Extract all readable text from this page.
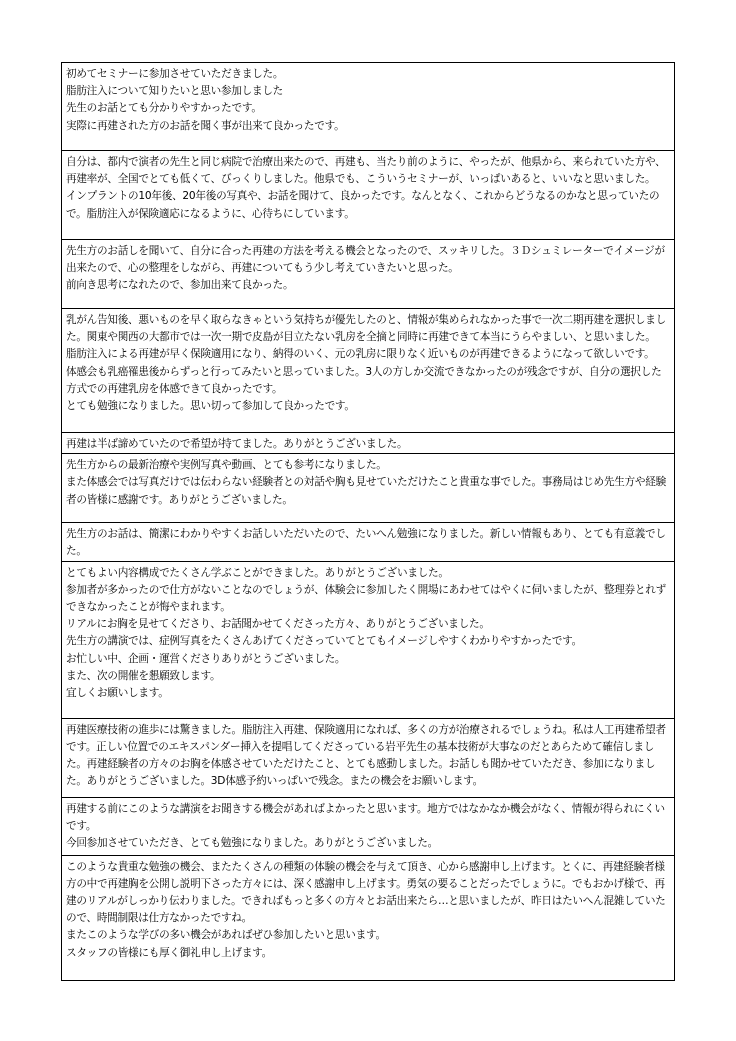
初めてセミナーに参加させていただきました。
脂肪注入について知りたいと思い参加しました
先生のお話とても分かりやすかったです。
実際に再建された方のお話を聞く事が出来て良かったです。

自分は、都内で演者の先生と同じ病院で治療出来たので、再建も、当たり前のように、やったが、他県から、来られていた方や、再建率が、全国でとても低くて、びっくりしました。他県でも、こういうセミナーが、いっぱいあると、いいなと思いました。
インプラントの10年後、20年後の写真や、お話を聞けて、良かったです。なんとなく、これからどうなるのかなと思っていたので。脂肪注入が保険適応になるように、心待ちにしています。

先生方のお話しを聞いて、自分に合った再建の方法を考える機会となったので、スッキリした。３Ｄシュミレーターでイメージが出来たので、心の整理をしながら、再建についてもう少し考えていきたいと思った。
前向き思考になれたので、参加出来て良かった。

乳がん告知後、悪いものを早く取らなきゃという気持ちが優先したのと、情報が集められなかった事で一次二期再建を選択しました。関東や関西の大都市では一次一期で皮島が目立たない乳房を全摘と同時に再建できて本当にうらやましい、と思いました。
脂肪注入による再建が早く保険適用になり、納得のいく、元の乳房に限りなく近いものが再建できるようになって欲しいです。
体感会も乳癌罹患後からずっと行ってみたいと思っていました。3人の方しか交流できなかったのが残念ですが、自分の選択した方式での再建乳房を体感できて良かったです。
とても勉強になりました。思い切って参加して良かったです。

再建は半ば諦めていたので希望が持てました。ありがとうございました。

先生方からの最新治療や実例写真や動画、とても参考になりました。
また体感会では写真だけでは伝わらない経験者との対話や胸も見せていただけたこと貴重な事でした。事務局はじめ先生方や経験者の皆様に感謝です。ありがとうございました。

先生方のお話は、簡潔にわかりやすくお話しいただいたので、たいへん勉強になりました。新しい情報もあり、とても有意義でした。

とてもよい内容構成でたくさん学ぶことができました。ありがとうございました。
参加者が多かったので仕方がないことなのでしょうが、体験会に参加したく開場にあわせてはやくに伺いましたが、整理券とれずできなかったことが悔やまれます。
リアルにお胸を見せてくださり、お話聞かせてくださった方々、ありがとうございました。
先生方の講演では、症例写真をたくさんあげてくださっていてとてもイメージしやすくわかりやすかったです。
お忙しい中、企画・運営くださりありがとうございました。
また、次の開催を懇願致します。
宜しくお願いします。

再建医療技術の進歩には驚きました。脂肪注入再建、保険適用になれば、多くの方が治療されるでしょうね。私は人工再建希望者です。正しい位置でのエキスパンダー挿入を提唱してくださっている岩平先生の基本技術が大事なのだとあらためて確信しました。再建経験者の方々のお胸を体感させていただけたこと、とても感動しました。お話しも聞かせていただき、参加になりました。ありがとうございました。3D体感予約いっぱいで残念。またの機会をお願いします。

再建する前にこのような講演をお聞きする機会があればよかったと思います。地方ではなかなか機会がなく、情報が得られにくいです。
今回参加させていただき、とても勉強になりました。ありがとうございました。

このような貴重な勉強の機会、またたくさんの種類の体験の機会を与えて頂き、心から感謝申し上げます。とくに、再建経験者様方の中で再建胸を公開し説明下さった方々には、深く感謝申し上げます。勇気の要ることだったでしょうに。でもおかげ様で、再建のリアルがしっかり伝わりました。できればもっと多くの方々とお話出来たら…と思いましたが、昨日はたいへん混雑していたので、時間制限は仕方なかったですね。
またこのような学びの多い機会があればぜひ参加したいと思います。
スタッフの皆様にも厚く御礼申し上げます。
